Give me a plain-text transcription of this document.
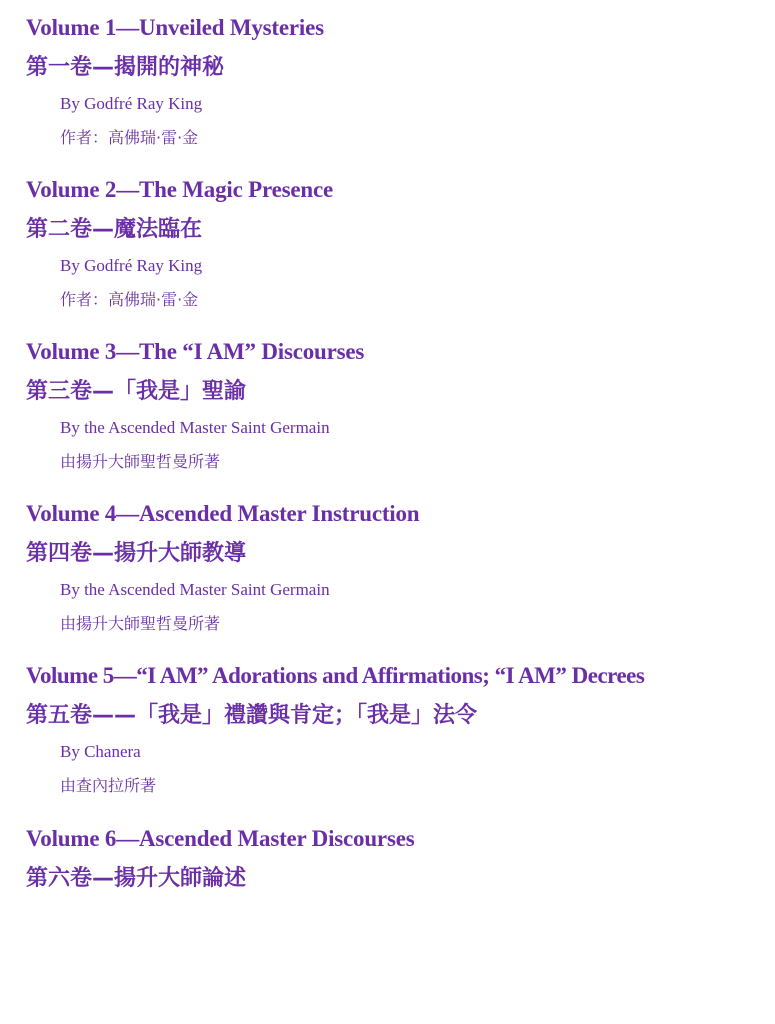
Volume 1—Unveiled Mysteries
第一卷—揭開的神秘
By Godfré Ray King
作者：高佛瑞·雷·金
Volume 2—The Magic Presence
第二卷—魔法臨在
By Godfré Ray King
作者：高佛瑞·雷·金
Volume 3—The “I AM” Discourses
第三卷—「我是」聖諭
By the Ascended Master Saint Germain
由揚升大師聖哲曼所著
Volume 4—Ascended Master Instruction
第四卷—揚升大師教導
By the Ascended Master Saint Germain
由揚升大師聖哲曼所著
Volume 5—“I AM” Adorations and Affirmations; “I AM” Decrees
第五卷——「我是」禮讚與肯定；「我是」法令
By Chanera
由查內拉所著
Volume 6—Ascended Master Discourses
第六卷—揚升大師論述
